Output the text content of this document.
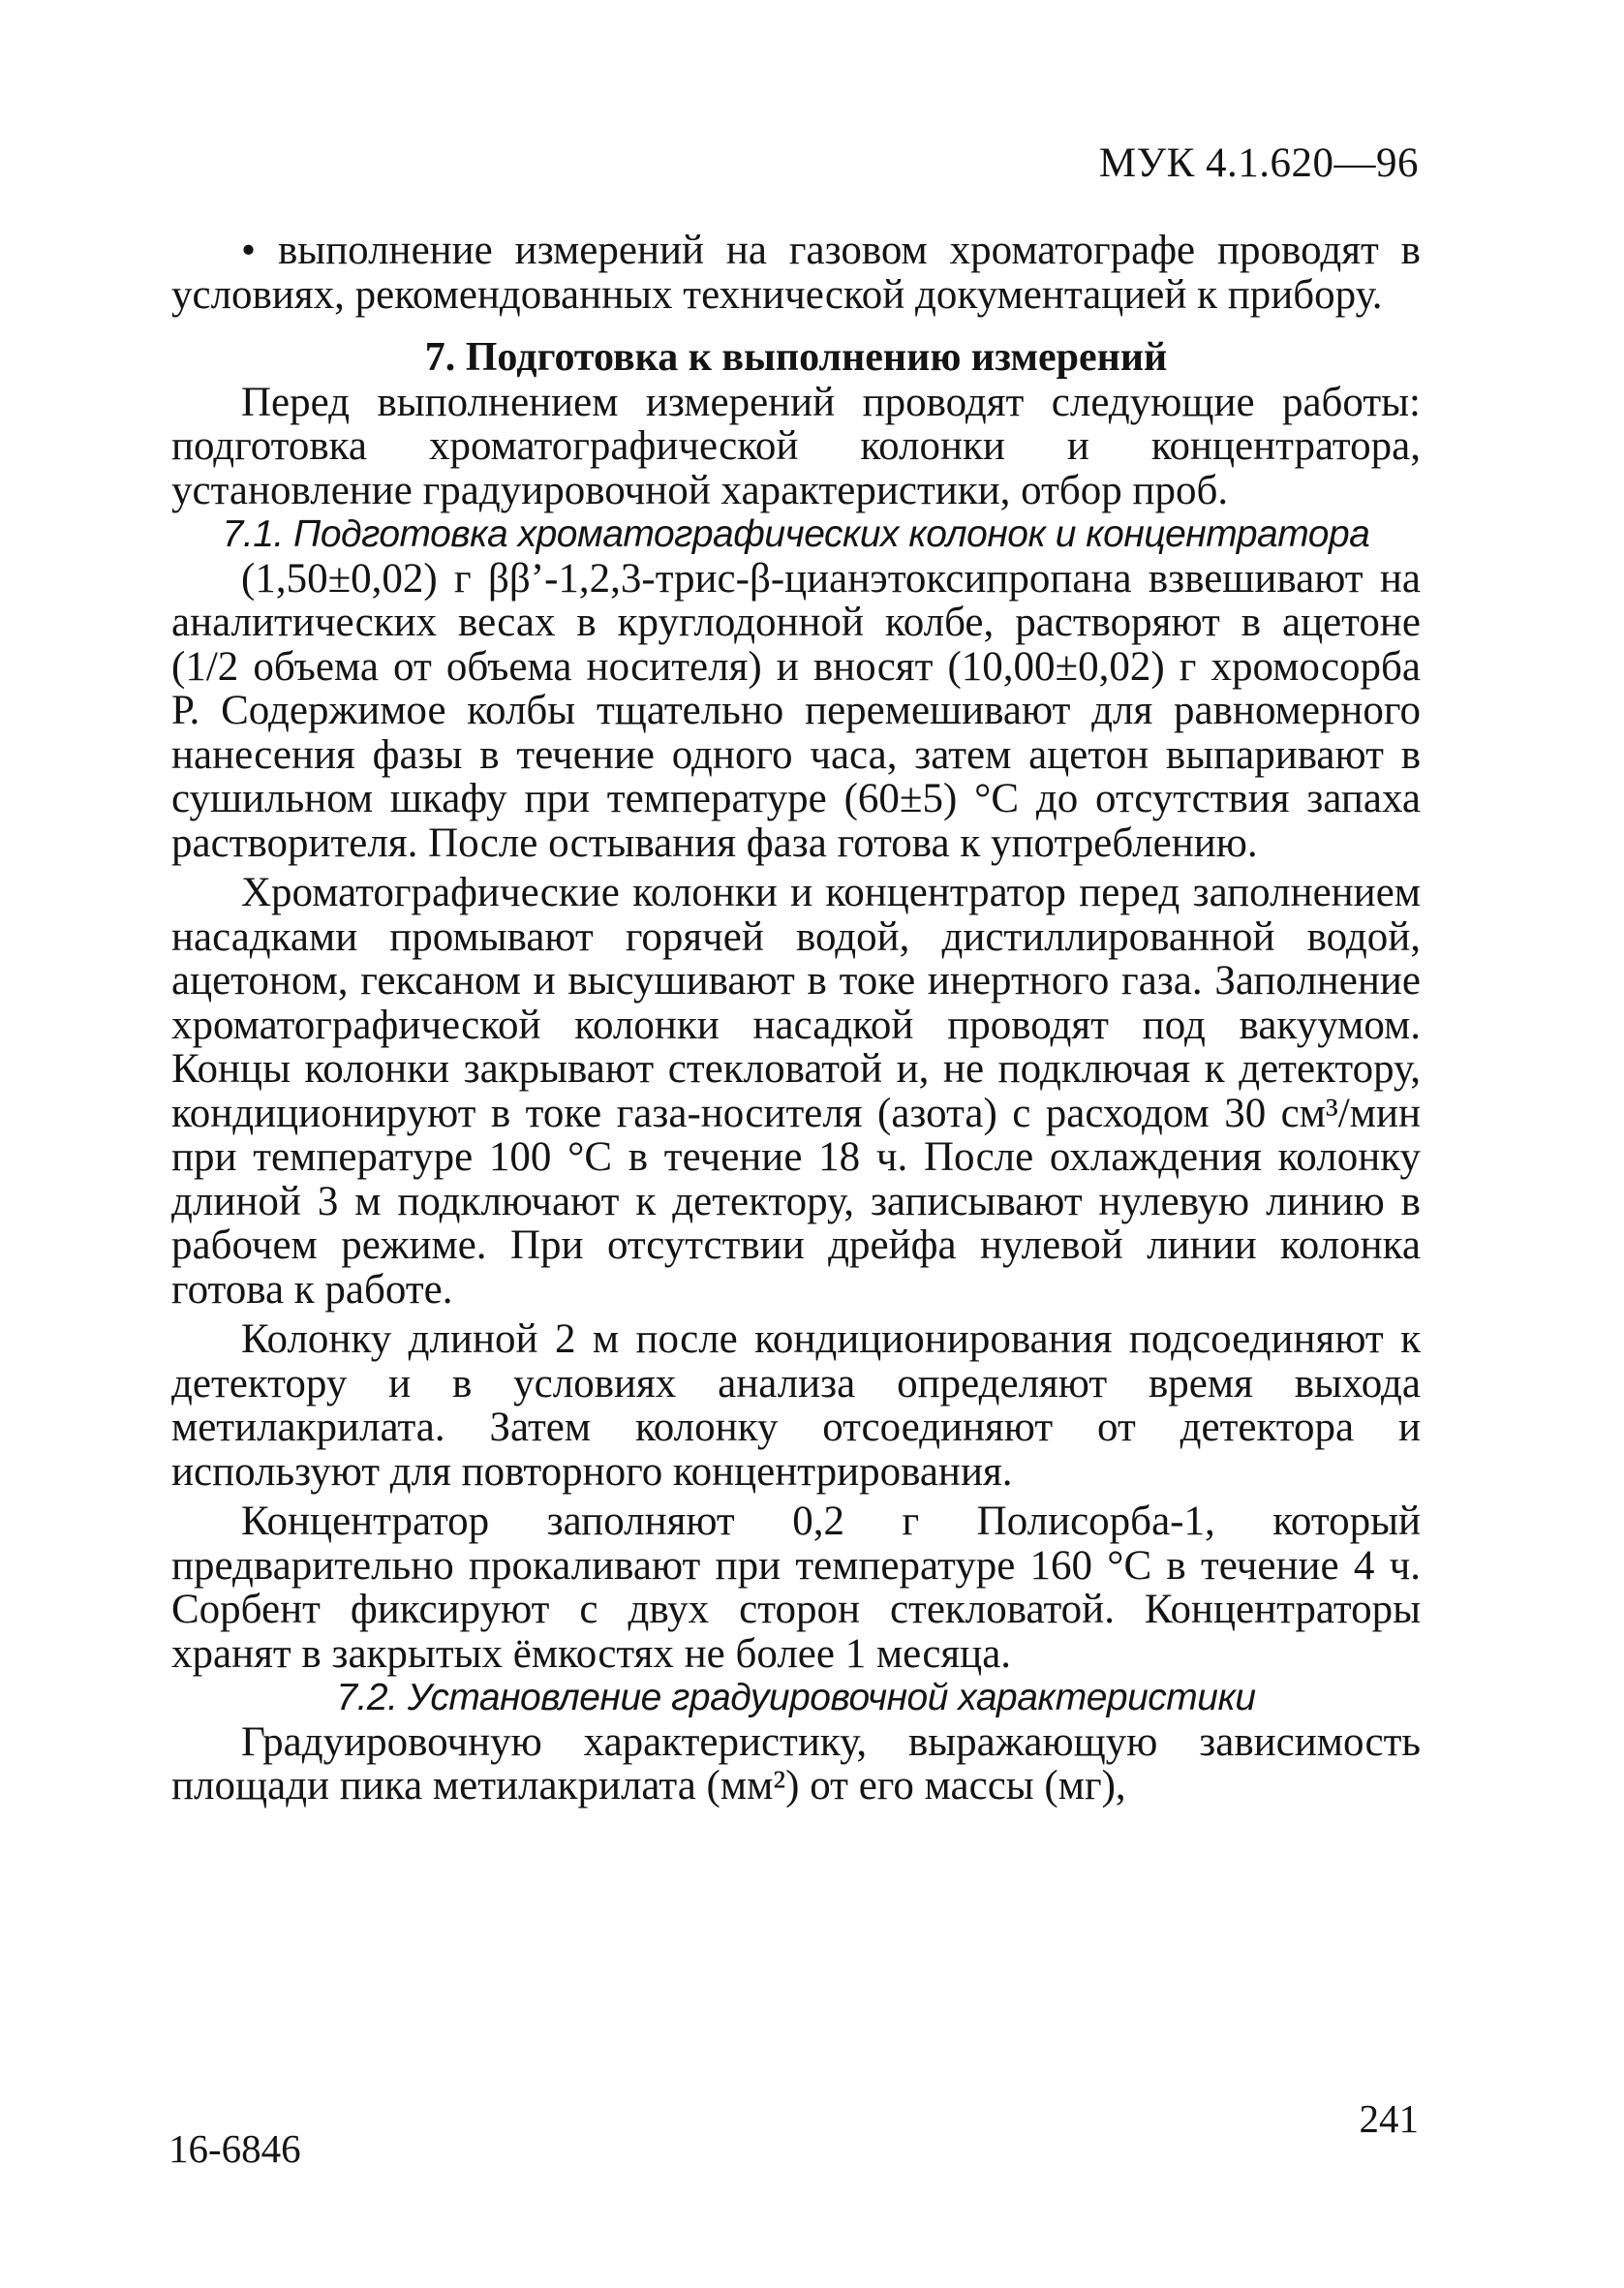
МУК 4.1.620—96

• выполнение измерений на газовом хроматографе проводят в условиях, рекомендованных технической документацией к прибору.

7. Подготовка к выполнению измерений

Перед выполнением измерений проводят следующие работы: подготовка хроматографической колонки и концентратора, установление градуировочной характеристики, отбор проб.

7.1. Подготовка хроматографических колонок и концентратора

(1,50±0,02) г ββ’-1,2,3-трис-β-цианэтоксипропана взвешивают на аналитических весах в круглодонной колбе, растворяют в ацетоне (1/2 объема от объема носителя) и вносят (10,00±0,02) г хромосорба Р. Содержимое колбы тщательно перемешивают для равномерного нанесения фазы в течение одного часа, затем ацетон выпаривают в сушильном шкафу при температуре (60±5) °С до отсутствия запаха растворителя. После остывания фаза готова к употреблению.

Хроматографические колонки и концентратор перед заполнением насадками промывают горячей водой, дистиллированной водой, ацетоном, гексаном и высушивают в токе инертного газа. Заполнение хроматографической колонки насадкой проводят под вакуумом. Концы колонки закрывают стекловатой и, не подключая к детектору, кондиционируют в токе газа-носителя (азота) с расходом 30 см³/мин при температуре 100 °С в течение 18 ч. После охлаждения колонку длиной 3 м подключают к детектору, записывают нулевую линию в рабочем режиме. При отсутствии дрейфа нулевой линии колонка готова к работе.

Колонку длиной 2 м после кондиционирования подсоединяют к детектору и в условиях анализа определяют время выхода метилакрилата. Затем колонку отсоединяют от детектора и используют для повторного концентрирования.

Концентратор заполняют 0,2 г Полисорба-1, который предварительно прокаливают при температуре 160 °С в течение 4 ч. Сорбент фиксируют с двух сторон стекловатой. Концентраторы хранят в закрытых ёмкостях не более 1 месяца.

7.2. Установление градуировочной характеристики

Градуировочную характеристику, выражающую зависимость площади пика метилакрилата (мм²) от его массы (мг),

16-6846
241
